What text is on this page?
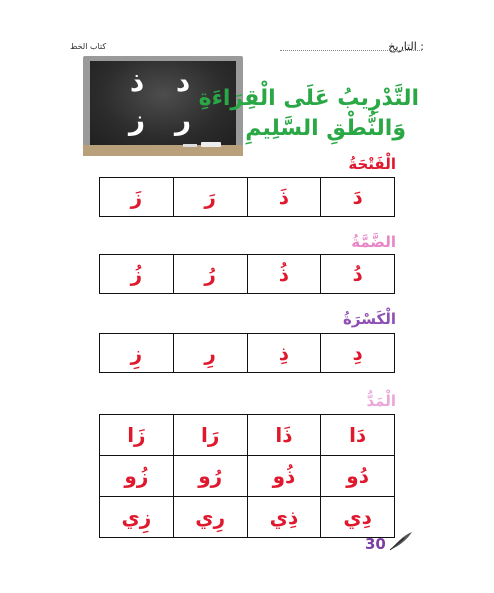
التاريخ :
كتاب الخط
د
ذ
ر
ز
التَّدْرِيبُ عَلَى الْقِرَاءَةِ
وَالنُّطْقِ السَّلِيمِ
الْفَتْحَةُ
زَ	رَ	ذَ	دَ
الضَّمَّةُ
زُ	رُ	ذُ	دُ
الْكَسْرَةُ
زِ	رِ	ذِ	دِ
الْمَدُّ
زَا	رَا	ذَا	دَا
زُو	رُو	ذُو	دُو
زِي	رِي	ذِي	دِي
30
